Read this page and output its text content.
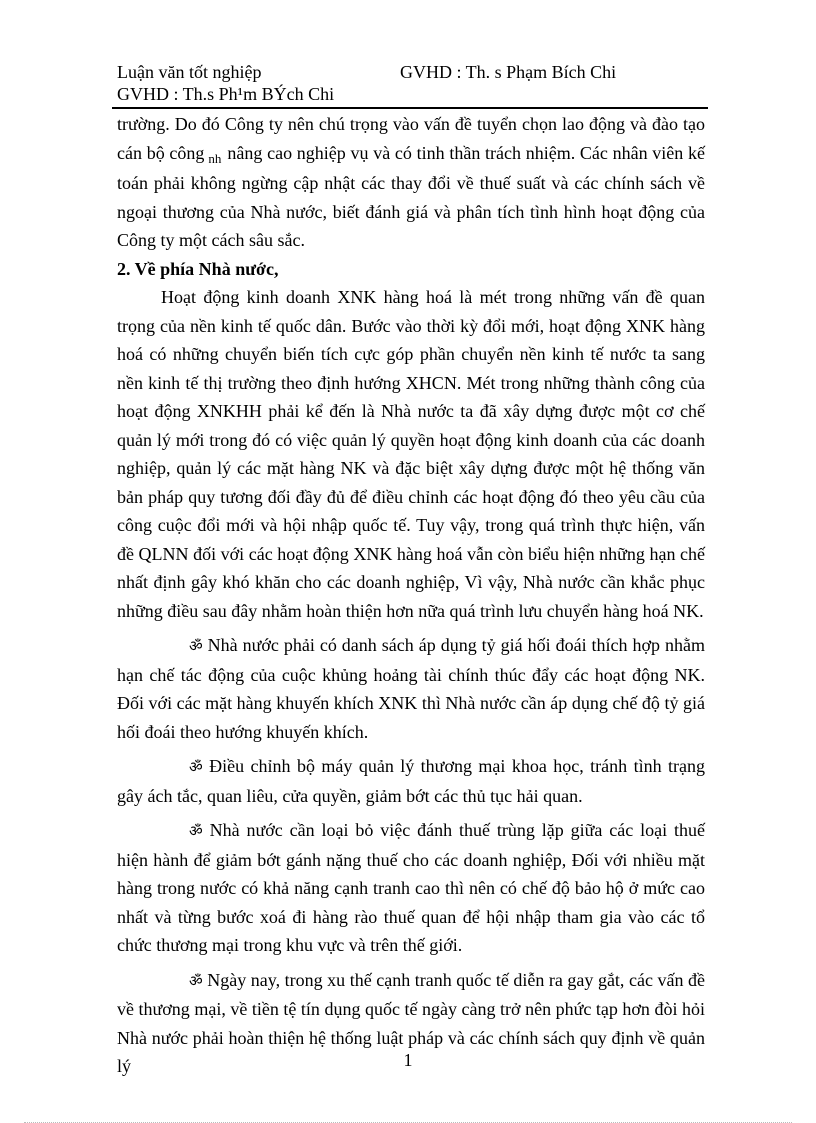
Luận văn tốt nghiệp	GVHD : Th. s Phạm Bích Chi
GVHD : Th.s Ph¹m BÝch Chi

trường. Do đó Công ty nên chú trọng vào vấn đề tuyển chọn lao động và đào tạo cán bộ công $_{nh}$ nâng cao nghiệp vụ và có tinh thần trách nhiệm. Các nhân viên kế toán phải không ngừng cập nhật các thay đổi về thuế suất và các chính sách về ngoại thương của Nhà nước, biết đánh giá và phân tích tình hình hoạt động của Công ty một cách sâu sắc.

2. Về phía Nhà nước,

Hoạt động kinh doanh XNK hàng hoá là mét trong những vấn đề quan trọng của nền kinh tế quốc dân. Bước vào thời kỳ đổi mới, hoạt động XNK hàng hoá có những chuyển biến tích cực góp phần chuyển nền kinh tế nước ta sang nền kinh tế thị trường theo định hướng XHCN. Mét trong những thành công của hoạt động XNKHH phải kể đến là Nhà nước ta đã xây dựng được một cơ chế quản lý mới trong đó có việc quản lý quyền hoạt động kinh doanh của các doanh nghiệp, quản lý các mặt hàng NK và đặc biệt xây dựng được một hệ thống văn bản pháp quy tương đối đầy đủ để điều chỉnh các hoạt động đó theo yêu cầu của công cuộc đổi mới và hội nhập quốc tế. Tuy vậy, trong quá trình thực hiện, vấn đề QLNN đối với các hoạt động XNK hàng hoá vẫn còn biểu hiện những hạn chế nhất định gây khó khăn cho các doanh nghiệp, Vì vậy, Nhà nước cần khắc phục những điều sau đây nhằm hoàn thiện hơn nữa quá trình lưu chuyển hàng hoá NK.

ॐ Nhà nước phải có danh sách áp dụng tỷ giá hối đoái thích hợp nhằm hạn chế tác động của cuộc khủng hoảng tài chính thúc đẩy các hoạt động NK. Đối với các mặt hàng khuyến khích XNK thì Nhà nước cần áp dụng chế độ tỷ giá hối đoái theo hướng khuyến khích.

ॐ Điều chỉnh bộ máy quản lý thương mại khoa học, tránh tình trạng gây ách tắc, quan liêu, cửa quyền, giảm bớt các thủ tục hải quan.

ॐ Nhà nước cần loại bỏ việc đánh thuế trùng lặp giữa các loại thuế hiện hành để giảm bớt gánh nặng thuế cho các doanh nghiệp, Đối với nhiều mặt hàng trong nước có khả năng cạnh tranh cao thì nên có chế độ bảo hộ ở mức cao nhất và từng bước xoá đi hàng rào thuế quan để hội nhập tham gia vào các tổ chức thương mại trong khu vực và trên thế giới.

ॐ Ngày nay, trong xu thế cạnh tranh quốc tế diễn ra gay gắt, các vấn đề về thương mại, về tiền tệ tín dụng quốc tế ngày càng trở nên phức tạp hơn đòi hỏi Nhà nước phải hoàn thiện hệ thống luật pháp và các chính sách quy định về quản lý	1
